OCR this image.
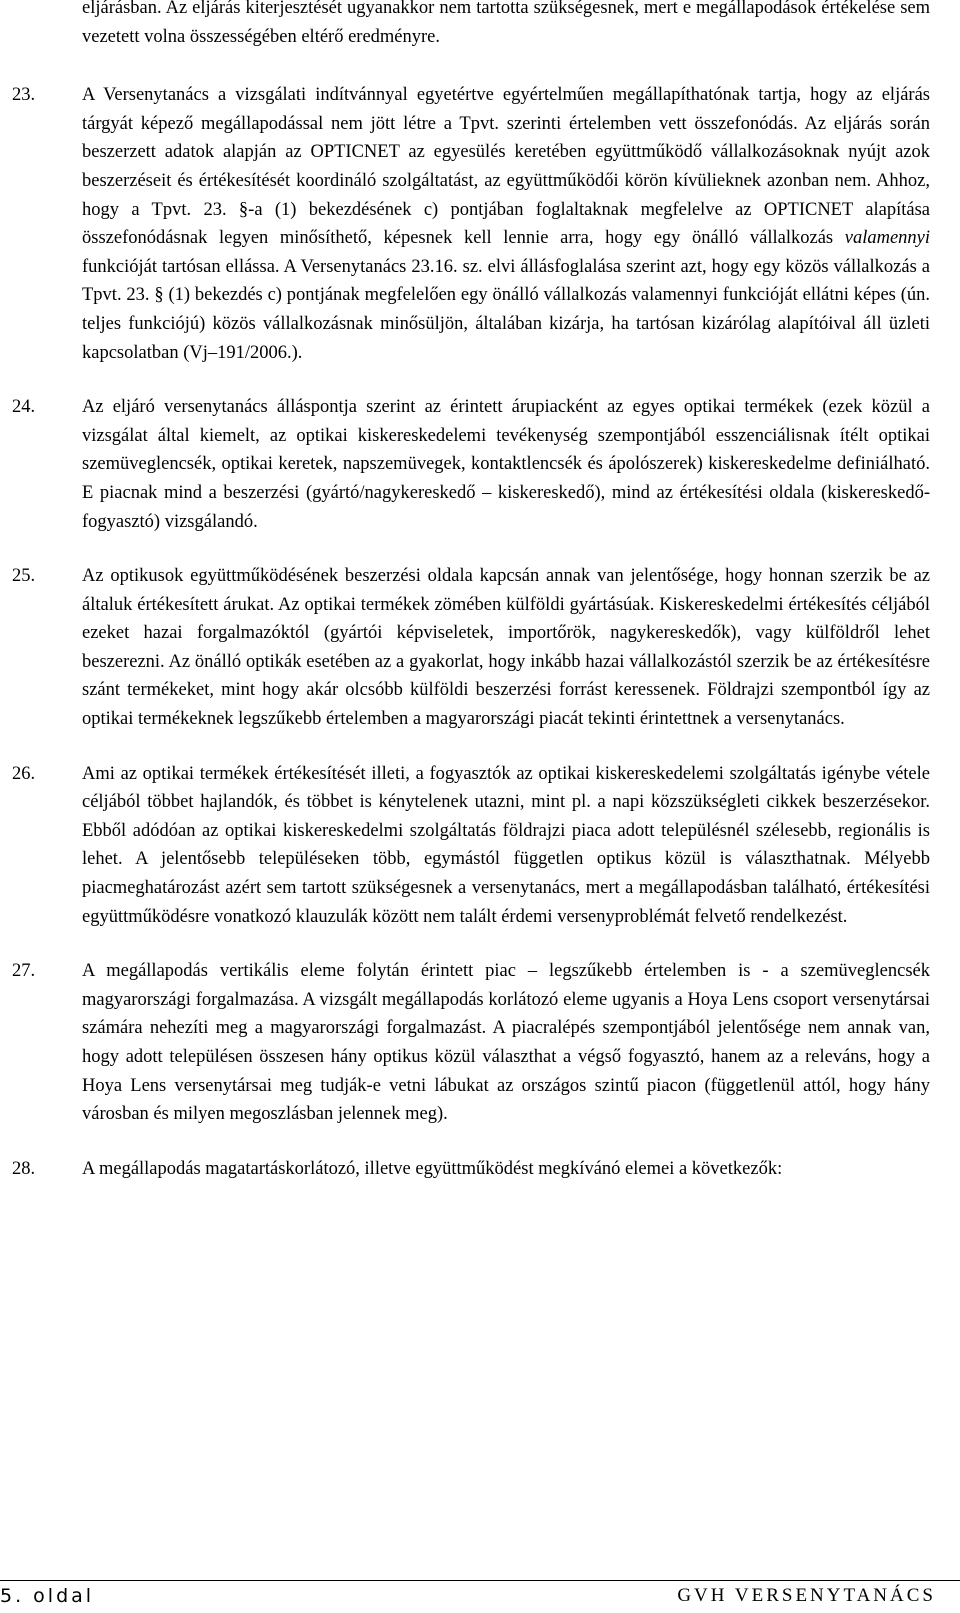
eljárásban. Az eljárás kiterjesztését ugyanakkor nem tartotta szükségesnek, mert e megállapodások értékelése sem vezetett volna összességében eltérő eredményre.

23.	A Versenytanács a vizsgálati indítvánnyal egyetértve egyértelműen megállapíthatónak tartja, hogy az eljárás tárgyát képező megállapodással nem jött létre a Tpvt. szerinti értelemben vett összefonódás. Az eljárás során beszerzett adatok alapján az OPTICNET az egyesülés keretében együttműködő vállalkozásoknak nyújt azok beszerzéseit és értékesítését koordináló szolgáltatást, az együttműködői körön kívülieknek azonban nem. Ahhoz, hogy a Tpvt. 23. §-a (1) bekezdésének c) pontjában foglaltaknak megfelelve az OPTICNET alapítása összefonódásnak legyen minősíthető, képesnek kell lennie arra, hogy egy önálló vállalkozás valamennyi funkcióját tartósan ellássa. A Versenytanács 23.16. sz. elvi állásfoglalása szerint azt, hogy egy közös vállalkozás a Tpvt. 23. § (1) bekezdés c) pontjának megfelelően egy önálló vállalkozás valamennyi funkcióját ellátni képes (ún. teljes funkciójú) közös vállalkozásnak minősüljön, általában kizárja, ha tartósan kizárólag alapítóival áll üzleti kapcsolatban (Vj–191/2006.).

24.	Az eljáró versenytanács álláspontja szerint az érintett árupiacként az egyes optikai termékek (ezek közül a vizsgálat által kiemelt, az optikai kiskereskedelemi tevékenység szempontjából esszenciálisnak ítélt optikai szemüveglencsék, optikai keretek, napszemüvegek, kontaktlencsék és ápolószerek) kiskereskedelme definiálható. E piacnak mind a beszerzési (gyártó/nagykereskedő – kiskereskedő), mind az értékesítési oldala (kiskereskedő-fogyasztó) vizsgálandó.

25.	Az optikusok együttműködésének beszerzési oldala kapcsán annak van jelentősége, hogy honnan szerzik be az általuk értékesített árukat. Az optikai termékek zömében külföldi gyártásúak. Kiskereskedelmi értékesítés céljából ezeket hazai forgalmazóktól (gyártói képviseletek, importőrök, nagykereskedők), vagy külföldről lehet beszerezni. Az önálló optikák esetében az a gyakorlat, hogy inkább hazai vállalkozástól szerzik be az értékesítésre szánt termékeket, mint hogy akár olcsóbb külföldi beszerzési forrást keressenek. Földrajzi szempontból így az optikai termékeknek legszűkebb értelemben a magyarországi piacát tekinti érintettnek a versenytanács.

26.	Ami az optikai termékek értékesítését illeti, a fogyasztók az optikai kiskereskedelemi szolgáltatás igénybe vétele céljából többet hajlandók, és többet is kénytelenek utazni, mint pl. a napi közszükségleti cikkek beszerzésekor. Ebből adódóan az optikai kiskereskedelmi szolgáltatás földrajzi piaca adott településnél szélesebb, regionális is lehet. A jelentősebb településeken több, egymástól független optikus közül is választhatnak. Mélyebb piacmeghatározást azért sem tartott szükségesnek a versenytanács, mert a megállapodásban található, értékesítési együttműködésre vonatkozó klauzulák között nem talált érdemi versenyproblémát felvető rendelkezést.

27.	A megállapodás vertikális eleme folytán érintett piac – legszűkebb értelemben is - a szemüveglencsék magyarországi forgalmazása. A vizsgált megállapodás korlátozó eleme ugyanis a Hoya Lens csoport versenytársai számára nehezíti meg a magyarországi forgalmazást. A piacralépés szempontjából jelentősége nem annak van, hogy adott településen összesen hány optikus közül választhat a végső fogyasztó, hanem az a releváns, hogy a Hoya Lens versenytársai meg tudják-e vetni lábukat az országos szintű piacon (függetlenül attól, hogy hány városban és milyen megoszlásban jelennek meg).

28.	A megállapodás magatartáskorlátozó, illetve együttműködést megkívánó elemei a következők:

5. oldal	GVH VERSENYTANÁCS
